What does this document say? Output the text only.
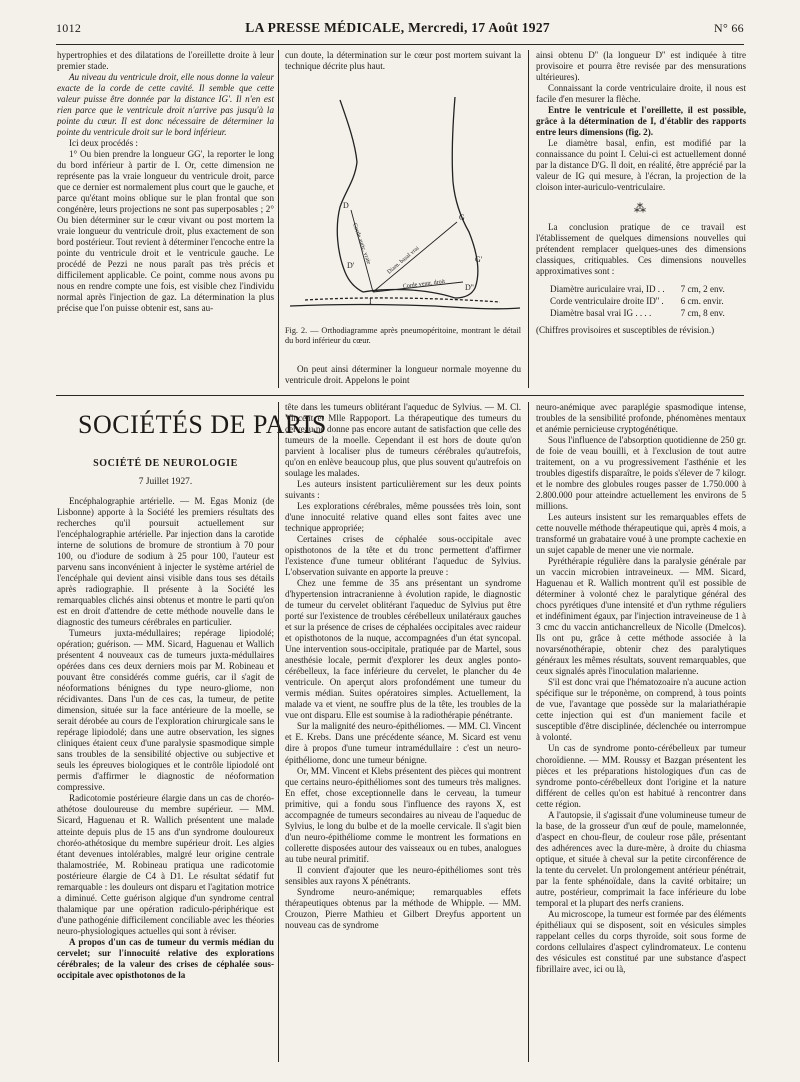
1012	LA PRESSE MÉDICALE, Mercredi, 17 Août 1927	N° 66

hypertrophies et des dilatations de l'oreillette droite à leur premier stade.

Au niveau du ventricule droit, elle nous donne la valeur exacte de la corde de cette cavité. Il semble que cette valeur puisse être donnée par la distance IG'. Il n'en est rien parce que le ventricule droit n'arrive pas jusqu'à la pointe du cœur. Il est donc nécessaire de déterminer la pointe du ventricule droit sur le bord inférieur.

Ici deux procédés :

1° Ou bien prendre la longueur GG', la reporter le long du bord inférieur à partir de I. Or, cette dimension ne représente pas la vraie longueur du ventricule droit, parce que ce dernier est normalement plus court que le gauche, et parce qu'étant moins oblique sur le plan frontal que son congénère, leurs projections ne sont pas superposables ; 2° Ou bien déterminer sur le cœur vivant ou post mortem la vraie longueur du ventricule droit, plus exactement de son bord postérieur. Tout revient à déterminer l'encoche entre la pointe du ventricule droit et le ventricule gauche. Le procédé de Pezzi ne nous paraît pas très précis et difficilement applicable. Ce point, comme nous avons pu nous en rendre compte une fois, est visible chez l'individu normal après l'injection de gaz. La détermination la plus précise que l'on puisse obtenir est, sans au-

cun doute, la détermination sur le cœur post mortem suivant la technique décrite plus haut.

D
G
G'
I
D'
D''
Corde auric. vraie Diam. basal vrai
Corde ventr. droit
Fig. 2. — Orthodiagramme après pneumopéritoine, montrant le détail du bord inférieur du cœur.

On peut ainsi déterminer la longueur normale moyenne du ventricule droit. Appelons le point

ainsi obtenu D'' (la longueur D'' est indiquée à titre provisoire et pourra être revisée par des mensurations ultérieures).

Connaissant la corde ventriculaire droite, il nous est facile d'en mesurer la flèche.

Entre le ventricule et l'oreillette, il est possible, grâce à la détermination de I, d'établir des rapports entre leurs dimensions (fig. 2).

Le diamètre basal, enfin, est modifié par la connaissance du point I. Celui-ci est actuellement donné par la distance D'G. Il doit, en réalité, être apprécié par la valeur de IG qui mesure, à l'écran, la projection de la cloison inter-auriculo-ventriculaire.

⁂

La conclusion pratique de ce travail est l'établissement de quelques dimensions nouvelles qui prétendent remplacer quelques-unes des dimensions classiques, critiquables. Ces dimensions nouvelles approximatives sont :

Diamètre auriculaire vrai, ID . .	7 cm, 2 env.
Corde ventriculaire droite ID'' .	6 cm. envir.
Diamètre basal vrai IG . . . .	7 cm, 8 env.

(Chiffres provisoires et susceptibles de révision.)

SOCIÉTÉS DE PARIS
SOCIÉTÉ DE NEUROLOGIE
7 Juillet 1927.

Encéphalographie artérielle. — M. Egas Moniz (de Lisbonne) apporte à la Société les premiers résultats des recherches qu'il poursuit actuellement sur l'encéphalographie artérielle. Par injection dans la carotide interne de solutions de bromure de strontium à 70 pour 100, ou d'iodure de sodium à 25 pour 100, l'auteur est parvenu sans inconvénient à injecter le système artériel de l'encéphale qui devient ainsi visible dans tous ses détails après radiographie. Il présente à la Société les remarquables clichés ainsi obtenus et montre le parti qu'on est en droit d'attendre de cette méthode nouvelle dans le diagnostic des tumeurs cérébrales en particulier.

Tumeurs juxta-médullaires; repérage lipiodolé; opération; guérison. — MM. Sicard, Haguenau et Wallich présentent 4 nouveaux cas de tumeurs juxta-médullaires opérées dans ces deux derniers mois par M. Robineau et pouvant être considérés comme guéris, car il s'agit de néoformations bénignes du type neuro-gliome, non récidivantes. Dans l'un de ces cas, la tumeur, de petite dimension, située sur la face antérieure de la moelle, se serait dérobée au cours de l'exploration chirurgicale sans le repérage lipiodolé; dans une autre observation, les signes cliniques étaient ceux d'une paralysie spasmodique simple sans troubles de la sensibilité objective ou subjective et seuls les épreuves biologiques et le contrôle lipiodolé ont permis d'affirmer le diagnostic de néoformation compressive.

Radicotomie postérieure élargie dans un cas de choréo-athétose douloureuse du membre supérieur. — MM. Sicard, Haguenau et R. Wallich présentent une malade atteinte depuis plus de 15 ans d'un syndrome douloureux choréo-athétosique du membre supérieur droit. Les algies étant devenues intolérables, malgré leur origine centrale thalamostriée, M. Robineau pratiqua une radicotomie postérieure élargie de C4 à D1. Le résultat sédatif fut remarquable : les douleurs ont disparu et l'agitation motrice a diminué. Cette guérison algique d'un syndrome central thalamique par une opération radiculo-périphérique est d'une pathogénie difficilement conciliable avec les théories neuro-physiologiques actuelles qui sont à réviser.

A propos d'un cas de tumeur du vermis médian du cervelet; sur l'innocuité relative des explorations cérébrales; de la valeur des crises de céphalée sous-occipitale avec opisthotonos de la

tête dans les tumeurs oblitérant l'aqueduc de Sylvius. — M. Cl. Vincent et Mlle Rappoport. La thérapeutique des tumeurs du cerveau ne donne pas encore autant de satisfaction que celle des tumeurs de la moelle. Cependant il est hors de doute qu'on parvient à localiser plus de tumeurs cérébrales qu'autrefois, qu'on en enlève beaucoup plus, que plus souvent qu'autrefois on soulage les malades.

Les auteurs insistent particulièrement sur les deux points suivants :

Les explorations cérébrales, même poussées très loin, sont d'une innocuité relative quand elles sont faites avec une technique appropriée;

Certaines crises de céphalée sous-occipitale avec opisthotonos de la tête et du tronc permettent d'affirmer l'existence d'une tumeur oblitérant l'aqueduc de Sylvius. L'observation suivante en apporte la preuve :

Chez une femme de 35 ans présentant un syndrome d'hypertension intracranienne à évolution rapide, le diagnostic de tumeur du cervelet oblitérant l'aqueduc de Sylvius put être porté sur l'existence de troubles cérébelleux unilatéraux gauches et sur la présence de crises de céphalées occipitales avec raideur et opisthotonos de la nuque, accompagnées d'un état syncopal. Une intervention sous-occipitale, pratiquée par de Martel, sous anesthésie locale, permit d'explorer les deux angles ponto-cérébelleux, la face inférieure du cervelet, le plancher du 4e ventricule. On aperçut alors profondément une tumeur du vermis médian. Suites opératoires simples. Actuellement, la malade va et vient, ne souffre plus de la tête, les troubles de la vue ont disparu. Elle est soumise à la radiothérapie pénétrante.

Sur la malignité des neuro-épithéliomes. — MM. Cl. Vincent et E. Krebs. Dans une précédente séance, M. Sicard est venu dire à propos d'une tumeur intramédullaire : c'est un neuro-épithéliome, donc une tumeur bénigne.

Or, MM. Vincent et Klebs présentent des pièces qui montrent que certains neuro-épithéliomes sont des tumeurs très malignes. En effet, chose exceptionnelle dans le cerveau, la tumeur primitive, qui a fondu sous l'influence des rayons X, est accompagnée de tumeurs secondaires au niveau de l'aqueduc de Sylvius, le long du bulbe et de la moelle cervicale. Il s'agit bien d'un neuro-épithéliome comme le montrent les formations en collerette disposées autour des vaisseaux ou en tubes, analogues au tube neural primitif.

Il convient d'ajouter que les neuro-épithéliomes sont très sensibles aux rayons X pénétrants.

Syndrome neuro-anémique; remarquables effets thérapeutiques obtenus par la méthode de Whipple. — MM. Crouzon, Pierre Mathieu et Gilbert Dreyfus apportent un nouveau cas de syndrome

neuro-anémique avec paraplégie spasmodique intense, troubles de la sensibilité profonde, phénomènes mentaux et anémie pernicieuse cryptogénétique.

Sous l'influence de l'absorption quotidienne de 250 gr. de foie de veau bouilli, et à l'exclusion de tout autre traitement, on a vu progressivement l'asthénie et les troubles digestifs disparaître, le poids s'élever de 7 kilogr. et le nombre des globules rouges passer de 1.750.000 à 2.800.000 pour atteindre actuellement les environs de 5 millions.

Les auteurs insistent sur les remarquables effets de cette nouvelle méthode thérapeutique qui, après 4 mois, a transformé un grabataire voué à une prompte cachexie en un sujet capable de mener une vie normale.

Pyréthérapie régulière dans la paralysie générale par un vaccin microbien intraveineux. — MM. Sicard, Haguenau et R. Wallich montrent qu'il est possible de déterminer à volonté chez le paralytique général des chocs pyrétiques d'une intensité et d'un rythme réguliers et indéfiniment égaux, par l'injection intraveineuse de 1 à 3 cmc du vaccin antichancrelleux de Nicolle (Dmelcos). Ils ont pu, grâce à cette méthode associée à la novarsénothérapie, obtenir chez des paralytiques généraux les mêmes résultats, souvent remarquables, que ceux signalés après l'inoculation malarienne.

S'il est donc vrai que l'hématozoaire n'a aucune action spécifique sur le tréponème, on comprend, à tous points de vue, l'avantage que possède sur la malariathérapie cette injection qui est d'un maniement facile et susceptible d'être disciplinée, déclenchée ou interrompue à volonté.

Un cas de syndrome ponto-cérébelleux par tumeur choroïdienne. — MM. Roussy et Bazgan présentent les pièces et les préparations histologiques d'un cas de syndrome ponto-cérébelleux dont l'origine et la nature différent de celles qu'on est habitué à rencontrer dans cette région.

A l'autopsie, il s'agissait d'une volumineuse tumeur de la base, de la grosseur d'un œuf de poule, mamelonnée, d'aspect en chou-fleur, de couleur rose pâle, présentant des adhérences avec la dure-mère, à droite du chiasma optique, et située à cheval sur la petite circonférence de la tente du cervelet. Un prolongement antérieur pénétrait, par la fente sphénoïdale, dans la cavité orbitaire; un autre, postérieur, comprimait la face inférieure du lobe temporal et la plupart des nerfs craniens.

Au microscope, la tumeur est formée par des éléments épithéliaux qui se disposent, soit en vésicules simples rappelant celles du corps thyroïde, soit sous forme de cordons cellulaires d'aspect cylindromateux. Le contenu des vésicules est constitué par une substance d'aspect fibrillaire avec, ici ou là,
